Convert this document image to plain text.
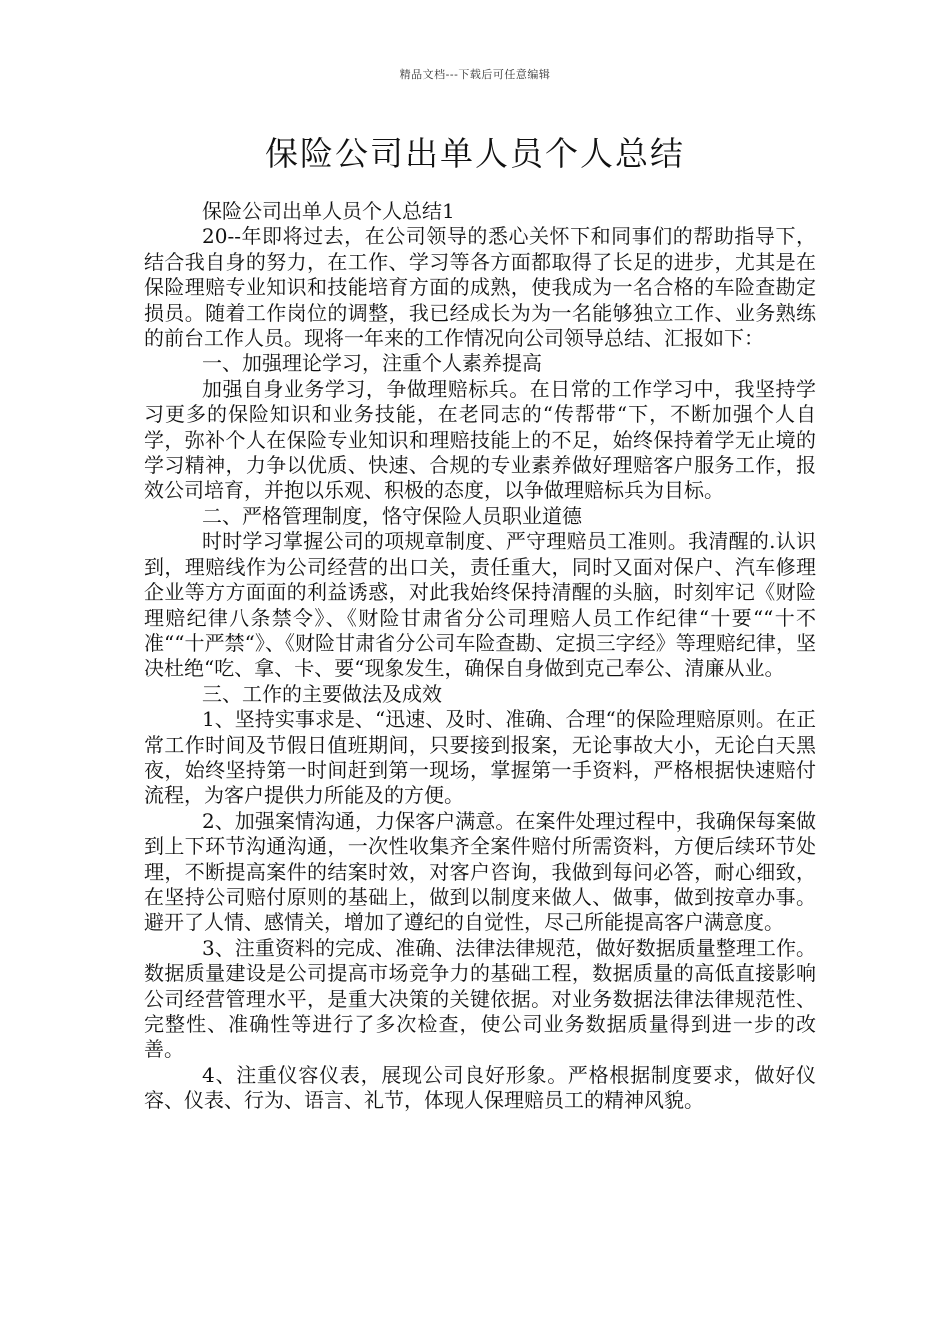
精品文档---下载后可任意编辑
保险公司出单人员个人总结

保险公司出单人员个人总结1

20--年即将过去，在公司领导的悉心关怀下和同事们的帮助指导下，结合我自身的努力，在工作、学习等各方面都取得了长足的进步，尤其是在保险理赔专业知识和技能培育方面的成熟，使我成为一名合格的车险查勘定损员。随着工作岗位的调整，我已经成长为为一名能够独立工作、业务熟练的前台工作人员。现将一年来的工作情况向公司领导总结、汇报如下：

一、加强理论学习，注重个人素养提高

加强自身业务学习，争做理赔标兵。在日常的工作学习中，我坚持学习更多的保险知识和业务技能，在老同志的“传帮带“下，不断加强个人自学，弥补个人在保险专业知识和理赔技能上的不足，始终保持着学无止境的学习精神，力争以优质、快速、合规的专业素养做好理赔客户服务工作，报效公司培育，并抱以乐观、积极的态度，以争做理赔标兵为目标。

二、严格管理制度，恪守保险人员职业道德

时时学习掌握公司的项规章制度、严守理赔员工准则。我清醒的.认识到，理赔线作为公司经营的出口关，责任重大，同时又面对保户、汽车修理企业等方方面面的利益诱惑，对此我始终保持清醒的头脑，时刻牢记《财险理赔纪律八条禁令》、《财险甘肃省分公司理赔人员工作纪律“十要““十不准““十严禁“》、《财险甘肃省分公司车险查勘、定损三字经》等理赔纪律，坚决杜绝“吃、拿、卡、要“现象发生，确保自身做到克己奉公、清廉从业。

三、工作的主要做法及成效

1、坚持实事求是、“迅速、及时、准确、合理“的保险理赔原则。在正常工作时间及节假日值班期间，只要接到报案，无论事故大小，无论白天黑夜，始终坚持第一时间赶到第一现场，掌握第一手资料，严格根据快速赔付流程，为客户提供力所能及的方便。

2、加强案情沟通，力保客户满意。在案件处理过程中，我确保每案做到上下环节沟通沟通，一次性收集齐全案件赔付所需资料，方便后续环节处理，不断提高案件的结案时效，对客户咨询，我做到每问必答，耐心细致，在坚持公司赔付原则的基础上，做到以制度来做人、做事，做到按章办事。避开了人情、感情关，增加了遵纪的自觉性，尽己所能提高客户满意度。

3、注重资料的完成、准确、法律法律规范，做好数据质量整理工作。数据质量建设是公司提高市场竞争力的基础工程，数据质量的高低直接影响公司经营管理水平，是重大决策的关键依据。对业务数据法律法律规范性、完整性、准确性等进行了多次检查，使公司业务数据质量得到进一步的改善。

4、注重仪容仪表，展现公司良好形象。严格根据制度要求，做好仪容、仪表、行为、语言、礼节，体现人保理赔员工的精神风貌。
